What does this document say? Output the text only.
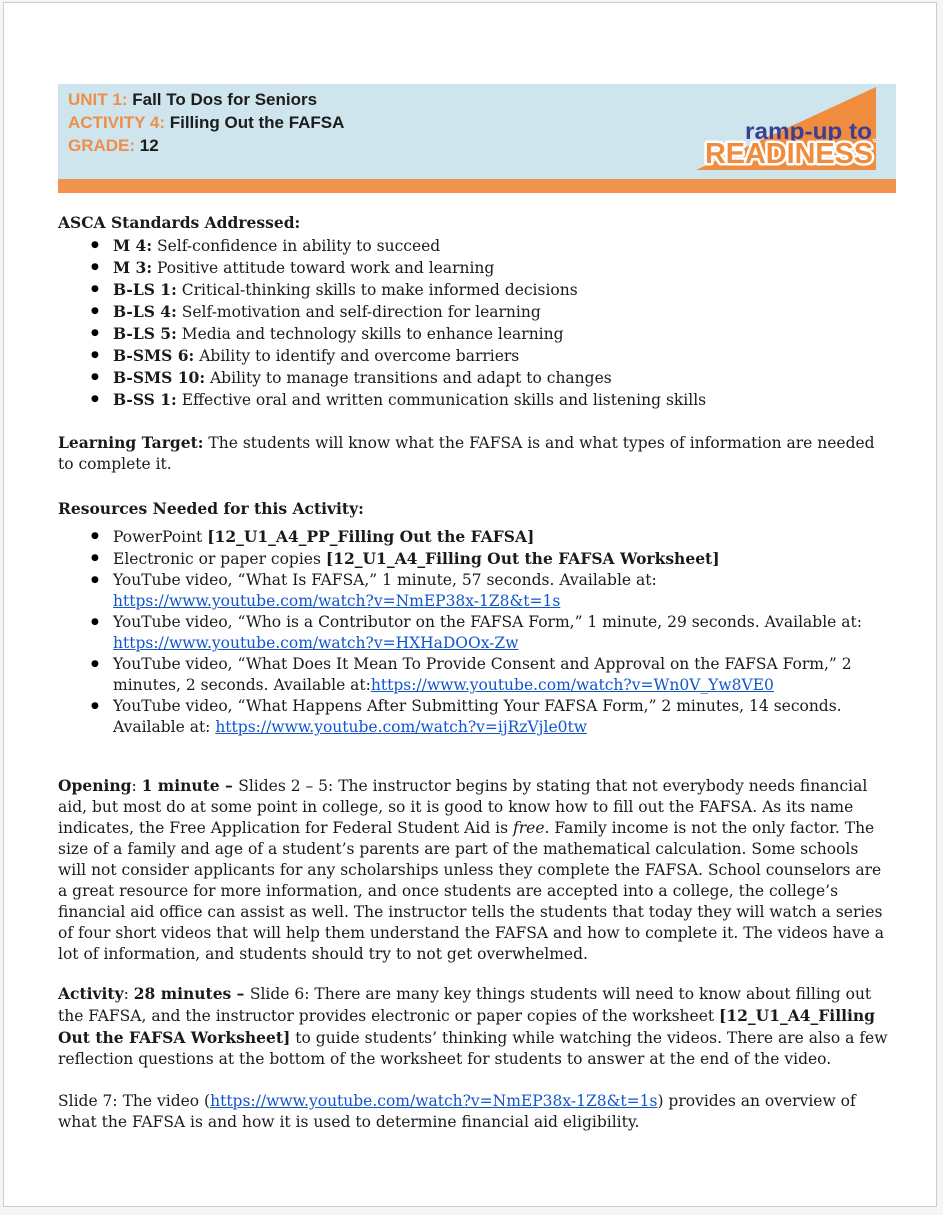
UNIT 1: Fall To Dos for Seniors
ACTIVITY 4: Filling Out the FAFSA
GRADE: 12
ramp-up to
READINESS ™

ASCA Standards Addressed:

● M 4: Self-confidence in ability to succeed
● M 3: Positive attitude toward work and learning
● B-LS 1: Critical-thinking skills to make informed decisions
● B-LS 4: Self-motivation and self-direction for learning
● B-LS 5: Media and technology skills to enhance learning
● B-SMS 6: Ability to identify and overcome barriers
● B-SMS 10: Ability to manage transitions and adapt to changes
● B-SS 1: Effective oral and written communication skills and listening skills

Learning Target: The students will know what the FAFSA is and what types of information are needed to complete it.

Resources Needed for this Activity:

● PowerPoint [12_U1_A4_PP_Filling Out the FAFSA]
● Electronic or paper copies [12_U1_A4_Filling Out the FAFSA Worksheet]
● YouTube video, “What Is FAFSA,” 1 minute, 57 seconds. Available at: https://www.youtube.com/watch?v=NmEP38x-1Z8&t=1s
● YouTube video, “Who is a Contributor on the FAFSA Form,” 1 minute, 29 seconds. Available at: https://www.youtube.com/watch?v=HXHaDOOx-Zw
● YouTube video, “What Does It Mean To Provide Consent and Approval on the FAFSA Form,” 2 minutes, 2 seconds. Available at:https://www.youtube.com/watch?v=Wn0V_Yw8VE0
● YouTube video, “What Happens After Submitting Your FAFSA Form,” 2 minutes, 14 seconds. Available at: https://www.youtube.com/watch?v=ijRzVjle0tw

Opening: 1 minute – Slides 2 – 5: The instructor begins by stating that not everybody needs financial aid, but most do at some point in college, so it is good to know how to fill out the FAFSA. As its name indicates, the Free Application for Federal Student Aid is free. Family income is not the only factor. The size of a family and age of a student’s parents are part of the mathematical calculation. Some schools will not consider applicants for any scholarships unless they complete the FAFSA. School counselors are a great resource for more information, and once students are accepted into a college, the college’s financial aid office can assist as well. The instructor tells the students that today they will watch a series of four short videos that will help them understand the FAFSA and how to complete it. The videos have a lot of information, and students should try to not get overwhelmed.

Activity: 28 minutes – Slide 6: There are many key things students will need to know about filling out the FAFSA, and the instructor provides electronic or paper copies of the worksheet [12_U1_A4_Filling Out the FAFSA Worksheet] to guide students’ thinking while watching the videos. There are also a few reflection questions at the bottom of the worksheet for students to answer at the end of the video.

Slide 7: The video (https://www.youtube.com/watch?v=NmEP38x-1Z8&t=1s) provides an overview of what the FAFSA is and how it is used to determine financial aid eligibility.
